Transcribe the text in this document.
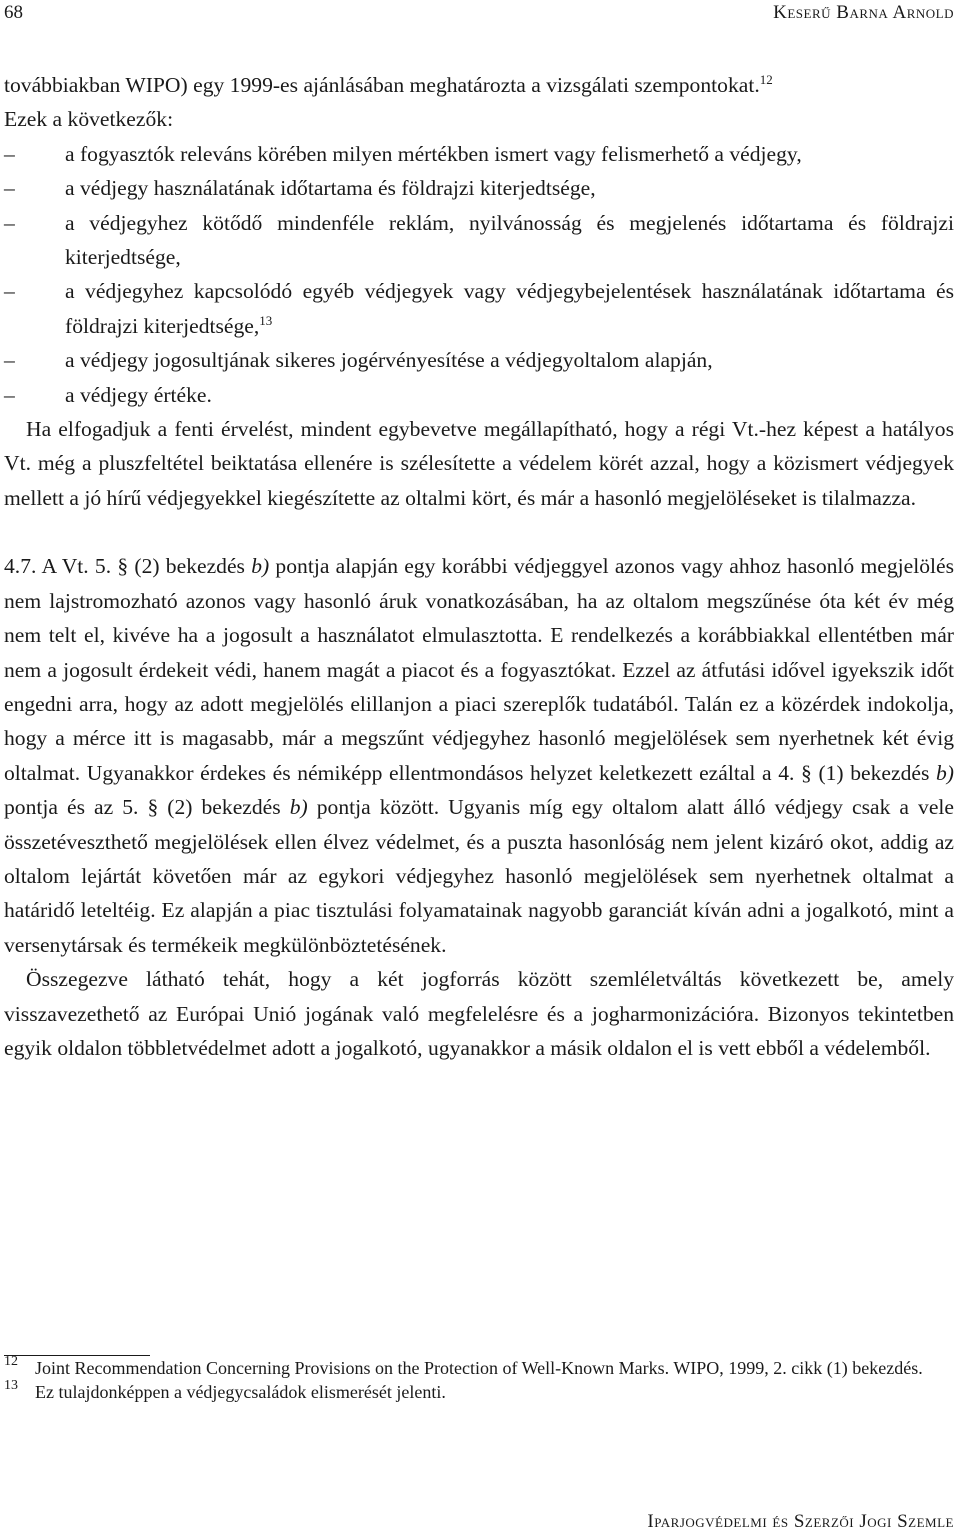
68	Keserű Barna Arnold

továbbiakban WIPO) egy 1999-es ajánlásában meghatározta a vizsgálati szempontokat.$^{12}$

Ezek a következők:

– a fogyasztók releváns körében milyen mértékben ismert vagy felismerhető a védjegy,
– a védjegy használatának időtartama és földrajzi kiterjedtsége,
– a védjegyhez kötődő mindenféle reklám, nyilvánosság és megjelenés időtartama és földrajzi kiterjedtsége,
– a védjegyhez kapcsolódó egyéb védjegyek vagy védjegybejelentések használatának időtartama és földrajzi kiterjedtsége,$^{13}$
– a védjegy jogosultjának sikeres jogérvényesítése a védjegyoltalom alapján,
– a védjegy értéke.

Ha elfogadjuk a fenti érvelést, mindent egybevetve megállapítható, hogy a régi Vt.-hez képest a hatályos Vt. még a pluszfeltétel beiktatása ellenére is szélesítette a védelem körét azzal, hogy a közismert védjegyek mellett a jó hírű védjegyekkel kiegészítette az oltalmi kört, és már a hasonló megjelöléseket is tilalmazza.

4.7. A Vt. 5. § (2) bekezdés b) pontja alapján egy korábbi védjeggyel azonos vagy ahhoz hasonló megjelölés nem lajstromozható azonos vagy hasonló áruk vonatkozásában, ha az oltalom megszűnése óta két év még nem telt el, kivéve ha a jogosult a használatot elmulasztotta. E rendelkezés a korábbiakkal ellentétben már nem a jogosult érdekeit védi, hanem magát a piacot és a fogyasztókat. Ezzel az átfutási idővel igyekszik időt engedni arra, hogy az adott megjelölés elillanjon a piaci szereplők tudatából. Talán ez a közérdek indokolja, hogy a mérce itt is magasabb, már a megszűnt védjegyhez hasonló megjelölések sem nyerhetnek két évig oltalmat. Ugyanakkor érdekes és némiképp ellentmondásos helyzet keletkezett ezáltal a 4. § (1) bekezdés b) pontja és az 5. § (2) bekezdés b) pontja között. Ugyanis míg egy oltalom alatt álló védjegy csak a vele összetéveszthető megjelölések ellen élvez védelmet, és a puszta hasonlóság nem jelent kizáró okot, addig az oltalom lejártát követően már az egykori védjegyhez hasonló megjelölések sem nyerhetnek oltalmat a határidő leteltéig. Ez alapján a piac tisztulási folyamatainak nagyobb garanciát kíván adni a jogalkotó, mint a versenytársak és termékeik megkülönböztetésének.

Összegezve látható tehát, hogy a két jogforrás között szemléletváltás következett be, amely visszavezethető az Európai Unió jogának való megfelelésre és a jogharmonizációra. Bizonyos tekintetben egyik oldalon többletvédelmet adott a jogalkotó, ugyanakkor a másik oldalon el is vett ebből a védelemből.

12 Joint Recommendation Concerning Provisions on the Protection of Well-Known Marks. WIPO, 1999, 2. cikk (1) bekezdés.

13 Ez tulajdonképpen a védjegycsaládok elismerését jelenti.

Iparjogvédelmi és Szerzői Jogi Szemle
